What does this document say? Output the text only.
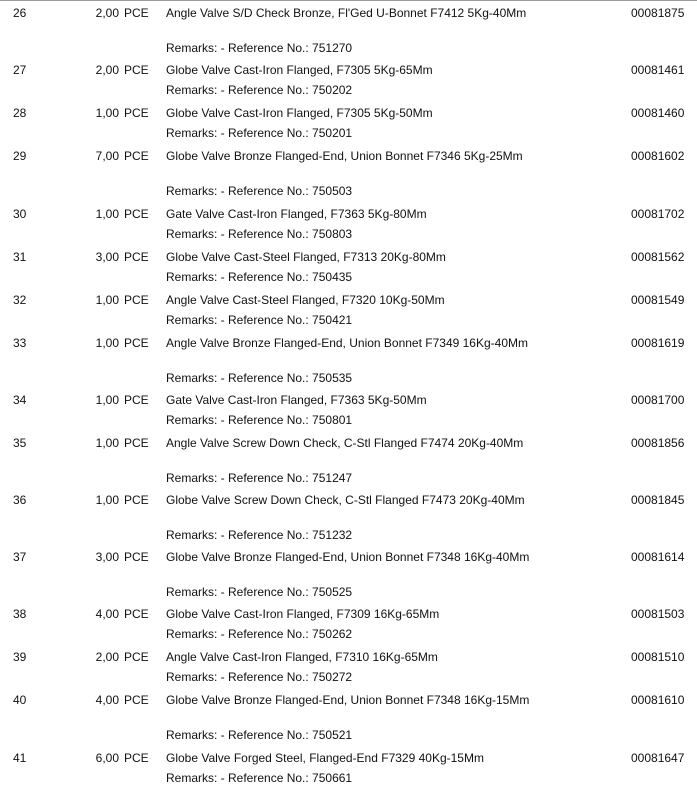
26	2,00 PCE Angle Valve S/D Check Bronze, Fl'Ged U-Bonnet F7412 5Kg-40Mm	00081875
Remarks: - Reference No.: 751270
27	2,00 PCE Globe Valve Cast-Iron Flanged, F7305 5Kg-65Mm	00081461
Remarks: - Reference No.: 750202
28	1,00 PCE Globe Valve Cast-Iron Flanged, F7305 5Kg-50Mm	00081460
Remarks: - Reference No.: 750201
29	7,00 PCE Globe Valve Bronze Flanged-End, Union Bonnet F7346 5Kg-25Mm	00081602
Remarks: - Reference No.: 750503
30	1,00 PCE Gate Valve Cast-Iron Flanged, F7363 5Kg-80Mm	00081702
Remarks: - Reference No.: 750803
31	3,00 PCE Globe Valve Cast-Steel Flanged, F7313 20Kg-80Mm	00081562
Remarks: - Reference No.: 750435
32	1,00 PCE Angle Valve Cast-Steel Flanged, F7320 10Kg-50Mm	00081549
Remarks: - Reference No.: 750421
33	1,00 PCE Angle Valve Bronze Flanged-End, Union Bonnet F7349 16Kg-40Mm	00081619
Remarks: - Reference No.: 750535
34	1,00 PCE Gate Valve Cast-Iron Flanged, F7363 5Kg-50Mm	00081700
Remarks: - Reference No.: 750801
35	1,00 PCE Angle Valve Screw Down Check, C-Stl Flanged F7474 20Kg-40Mm	00081856
Remarks: - Reference No.: 751247
36	1,00 PCE Globe Valve Screw Down Check, C-Stl Flanged F7473 20Kg-40Mm	00081845
Remarks: - Reference No.: 751232
37	3,00 PCE Globe Valve Bronze Flanged-End, Union Bonnet F7348 16Kg-40Mm	00081614
Remarks: - Reference No.: 750525
38	4,00 PCE Globe Valve Cast-Iron Flanged, F7309 16Kg-65Mm	00081503
Remarks: - Reference No.: 750262
39	2,00 PCE Angle Valve Cast-Iron Flanged, F7310 16Kg-65Mm	00081510
Remarks: - Reference No.: 750272
40	4,00 PCE Globe Valve Bronze Flanged-End, Union Bonnet F7348 16Kg-15Mm	00081610
Remarks: - Reference No.: 750521
41	6,00 PCE Globe Valve Forged Steel, Flanged-End F7329 40Kg-15Mm	00081647
Remarks: - Reference No.: 750661
